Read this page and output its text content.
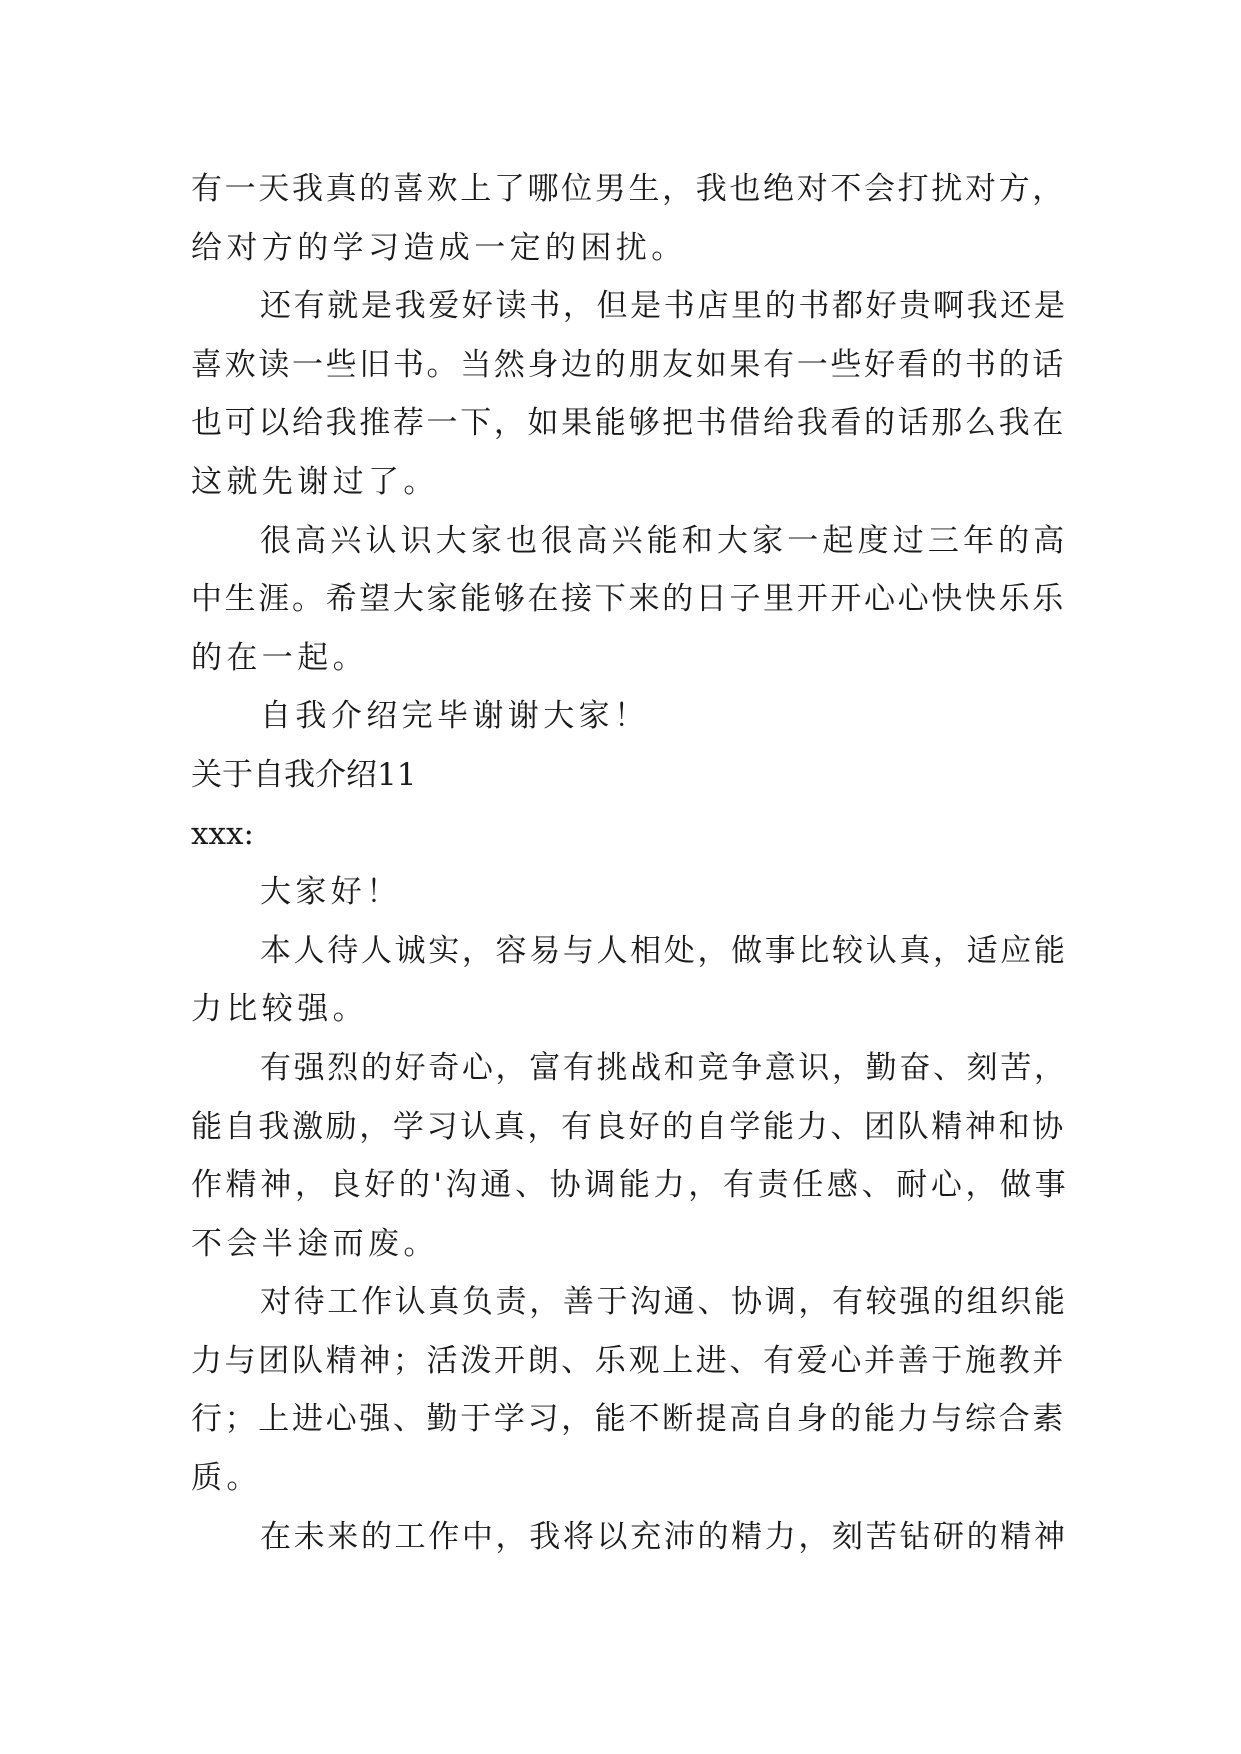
有一天我真的喜欢上了哪位男生，我也绝对不会打扰对方，
给对方的学习造成一定的困扰。
还有就是我爱好读书，但是书店里的书都好贵啊我还是
喜欢读一些旧书。当然身边的朋友如果有一些好看的书的话
也可以给我推荐一下，如果能够把书借给我看的话那么我在
这就先谢过了。
很高兴认识大家也很高兴能和大家一起度过三年的高
中生涯。希望大家能够在接下来的日子里开开心心快快乐乐
的在一起。
自我介绍完毕谢谢大家！
关于自我介绍11
xxx:
大家好！
本人待人诚实，容易与人相处，做事比较认真，适应能
力比较强。
有强烈的好奇心，富有挑战和竞争意识，勤奋、刻苦，
能自我激励，学习认真，有良好的自学能力、团队精神和协
作精神，良好的'沟通、协调能力，有责任感、耐心，做事
不会半途而废。
对待工作认真负责，善于沟通、协调，有较强的组织能
力与团队精神；活泼开朗、乐观上进、有爱心并善于施教并
行；上进心强、勤于学习，能不断提高自身的能力与综合素
质。
在未来的工作中，我将以充沛的精力，刻苦钻研的精神
